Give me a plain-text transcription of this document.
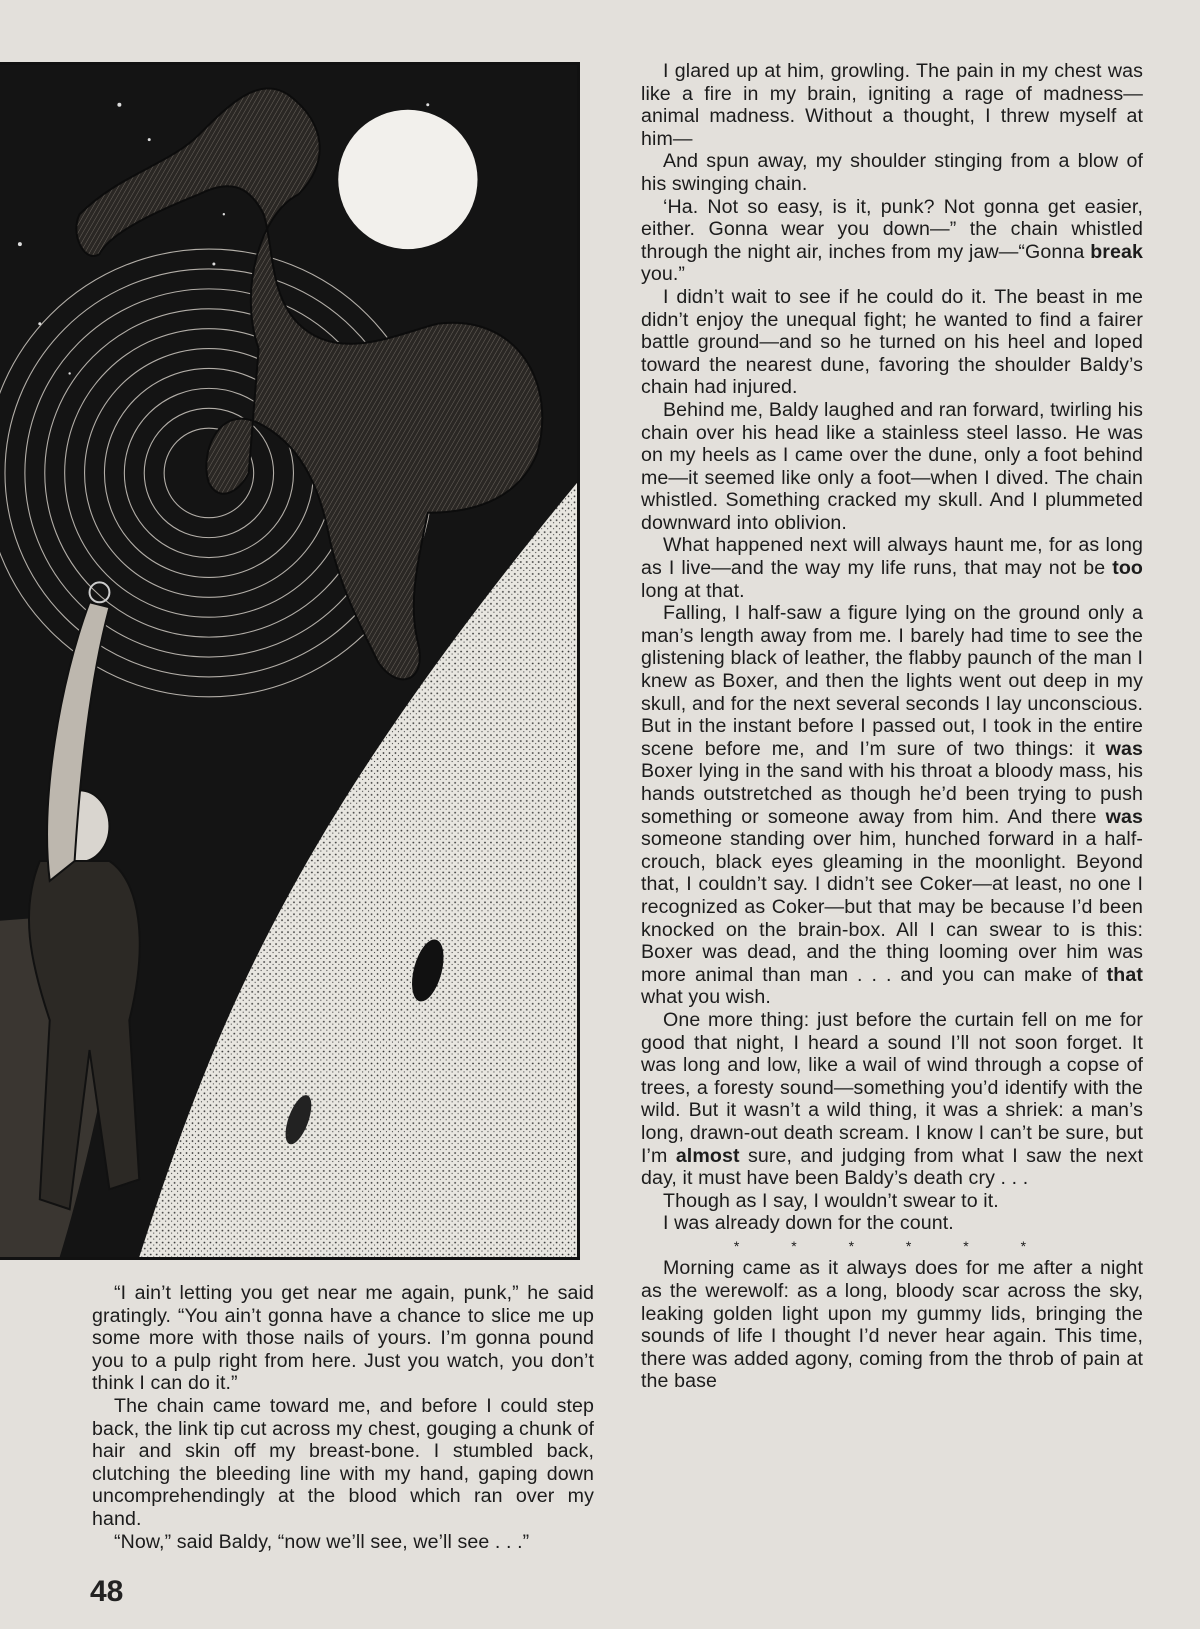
“I ain’t letting you get near me again, punk,” he said gratingly. “You ain’t gonna have a chance to slice me up some more with those nails of yours. I’m gonna pound you to a pulp right from here. Just you watch, you don’t think I can do it.”

The chain came toward me, and before I could step back, the link tip cut across my chest, gouging a chunk of hair and skin off my breast-bone. I stumbled back, clutching the bleeding line with my hand, gaping down uncomprehendingly at the blood which ran over my hand.

“Now,” said Baldy, “now we’ll see, we’ll see . . .”

I glared up at him, growling. The pain in my chest was like a fire in my brain, igniting a rage of madness— animal madness. Without a thought, I threw myself at him—

And spun away, my shoulder stinging from a blow of his swinging chain.

‘Ha. Not so easy, is it, punk? Not gonna get easier, either. Gonna wear you down—” the chain whistled through the night air, inches from my jaw—“Gonna break you.”

I didn’t wait to see if he could do it. The beast in me didn’t enjoy the unequal fight; he wanted to find a fairer battle ground—and so he turned on his heel and loped toward the nearest dune, favoring the shoulder Baldy’s chain had injured.

Behind me, Baldy laughed and ran forward, twirling his chain over his head like a stainless steel lasso. He was on my heels as I came over the dune, only a foot behind me—it seemed like only a foot—when I dived. The chain whistled. Something cracked my skull. And I plummeted downward into oblivion.

What happened next will always haunt me, for as long as I live—and the way my life runs, that may not be too long at that.

Falling, I half-saw a figure lying on the ground only a man’s length away from me. I barely had time to see the glistening black of leather, the flabby paunch of the man I knew as Boxer, and then the lights went out deep in my skull, and for the next several seconds I lay unconscious. But in the instant before I passed out, I took in the entire scene before me, and I’m sure of two things: it was Boxer lying in the sand with his throat a bloody mass, his hands outstretched as though he’d been trying to push something or someone away from him. And there was someone standing over him, hunched forward in a half-crouch, black eyes gleaming in the moonlight. Beyond that, I couldn’t say. I didn’t see Coker—at least, no one I recognized as Coker—but that may be because I’d been knocked on the brain-box. All I can swear to is this: Boxer was dead, and the thing looming over him was more animal than man . . . and you can make of that what you wish.

One more thing: just before the curtain fell on me for good that night, I heard a sound I’ll not soon forget. It was long and low, like a wail of wind through a copse of trees, a foresty sound—something you’d identify with the wild. But it wasn’t a wild thing, it was a shriek: a man’s long, drawn-out death scream. I know I can’t be sure, but I’m almost sure, and judging from what I saw the next day, it must have been Baldy’s death cry . . .

Though as I say, I wouldn’t swear to it.

I was already down for the count.

* * * * * *

Morning came as it always does for me after a night as the werewolf: as a long, bloody scar across the sky, leaking golden light upon my gummy lids, bringing the sounds of life I thought I’d never hear again. This time, there was added agony, coming from the throb of pain at the base

48
